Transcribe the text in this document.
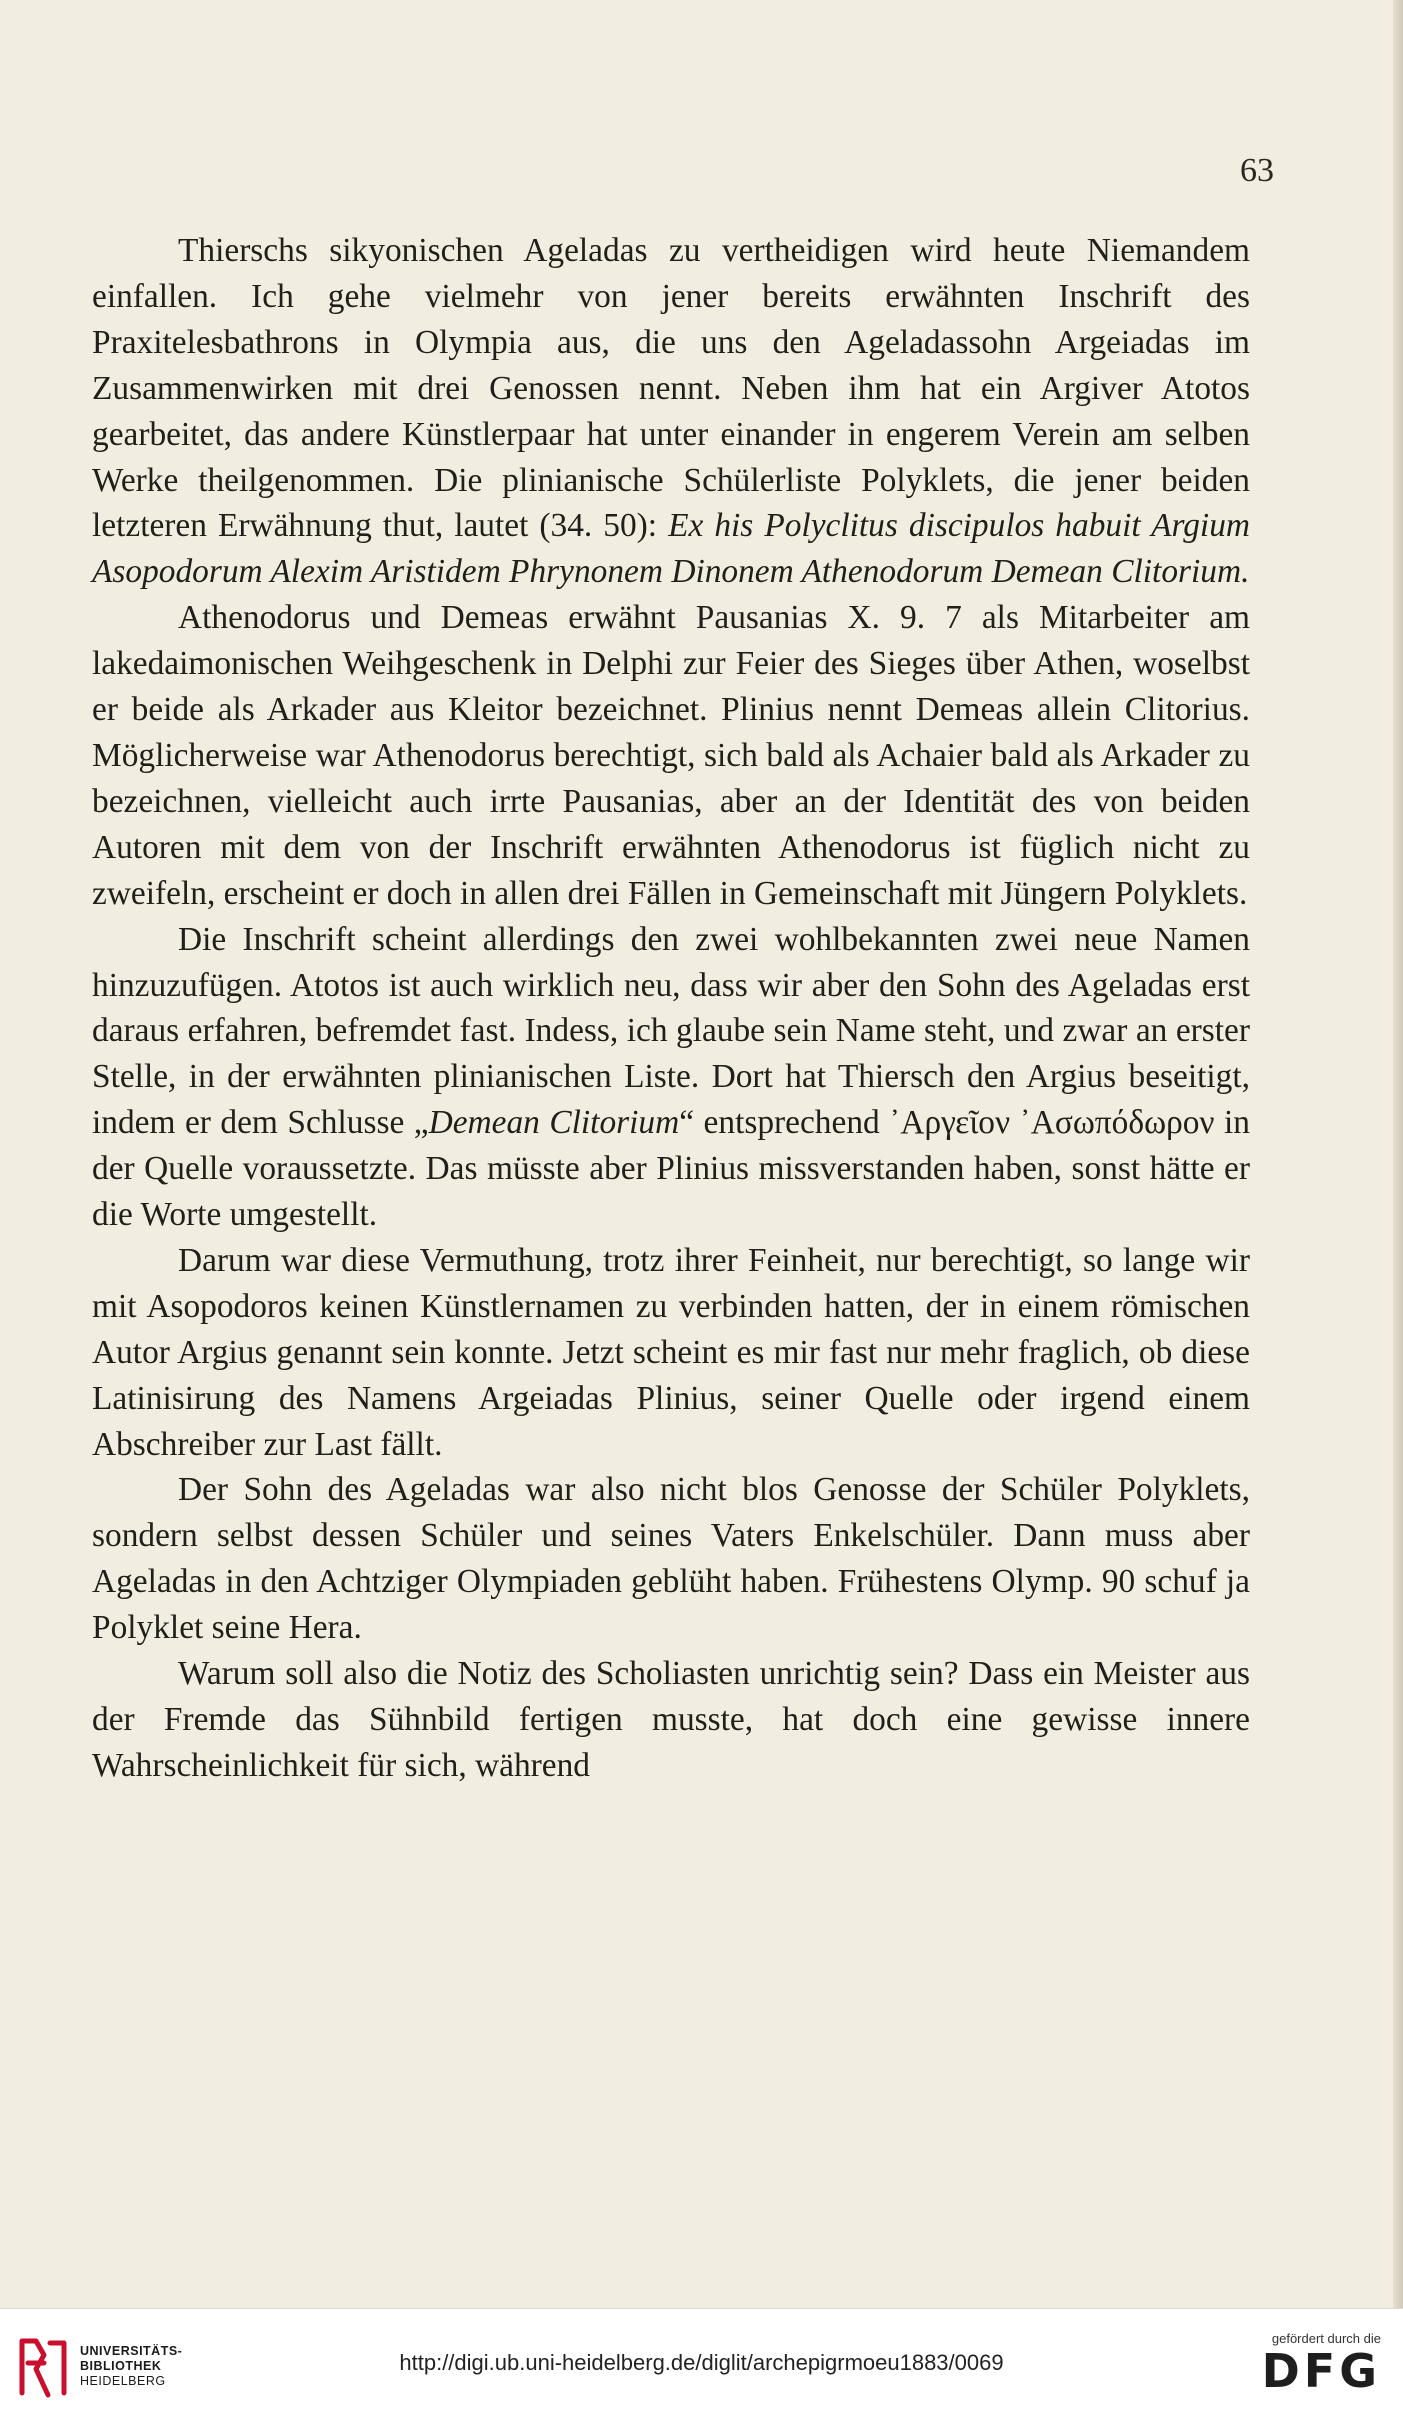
63

Thierschs sikyonischen Ageladas zu vertheidigen wird heute Niemandem einfallen. Ich gehe vielmehr von jener bereits erwähnten Inschrift des Praxitelesbathrons in Olympia aus, die uns den Ageladassohn Argeiadas im Zusammenwirken mit drei Genossen nennt. Neben ihm hat ein Argiver Atotos gearbeitet, das andere Künstlerpaar hat unter einander in engerem Verein am selben Werke theilgenommen. Die plinianische Schülerliste Polyklets, die jener beiden letzteren Erwähnung thut, lautet (34. 50): Ex his Polyclitus discipulos habuit Argium Asopodorum Alexim Aristidem Phrynonem Dinonem Athenodorum Demean Clitorium.

Athenodorus und Demeas erwähnt Pausanias X. 9. 7 als Mitarbeiter am lakedaimonischen Weihgeschenk in Delphi zur Feier des Sieges über Athen, woselbst er beide als Arkader aus Kleitor bezeichnet. Plinius nennt Demeas allein Clitorius. Möglicherweise war Athenodorus berechtigt, sich bald als Achaier bald als Arkader zu bezeichnen, vielleicht auch irrte Pausanias, aber an der Identität des von beiden Autoren mit dem von der Inschrift erwähnten Athenodorus ist füglich nicht zu zweifeln, erscheint er doch in allen drei Fällen in Gemeinschaft mit Jüngern Polyklets.

Die Inschrift scheint allerdings den zwei wohlbekannten zwei neue Namen hinzuzufügen. Atotos ist auch wirklich neu, dass wir aber den Sohn des Ageladas erst daraus erfahren, befremdet fast. Indess, ich glaube sein Name steht, und zwar an erster Stelle, in der erwähnten plinianischen Liste. Dort hat Thiersch den Argius beseitigt, indem er dem Schlusse „Demean Clitorium“ entsprechend ᾿Αργεῖον ᾿Ασωπόδωρον in der Quelle voraussetzte. Das müsste aber Plinius missverstanden haben, sonst hätte er die Worte umgestellt.

Darum war diese Vermuthung, trotz ihrer Feinheit, nur berechtigt, so lange wir mit Asopodoros keinen Künstlernamen zu verbinden hatten, der in einem römischen Autor Argius genannt sein konnte. Jetzt scheint es mir fast nur mehr fraglich, ob diese Latinisirung des Namens Argeiadas Plinius, seiner Quelle oder irgend einem Abschreiber zur Last fällt.

Der Sohn des Ageladas war also nicht blos Genosse der Schüler Polyklets, sondern selbst dessen Schüler und seines Vaters Enkelschüler. Dann muss aber Ageladas in den Achtziger Olympiaden geblüht haben. Frühestens Olymp. 90 schuf ja Polyklet seine Hera.

Warum soll also die Notiz des Scholiasten unrichtig sein? Dass ein Meister aus der Fremde das Sühnbild fertigen musste, hat doch eine gewisse innere Wahrscheinlichkeit für sich, während

UNIVERSITÄTS-
BIBLIOTHEK
HEIDELBERG
http://digi.ub.uni-heidelberg.de/diglit/archepigrmoeu1883/0069
gefördert durch die
DFG
